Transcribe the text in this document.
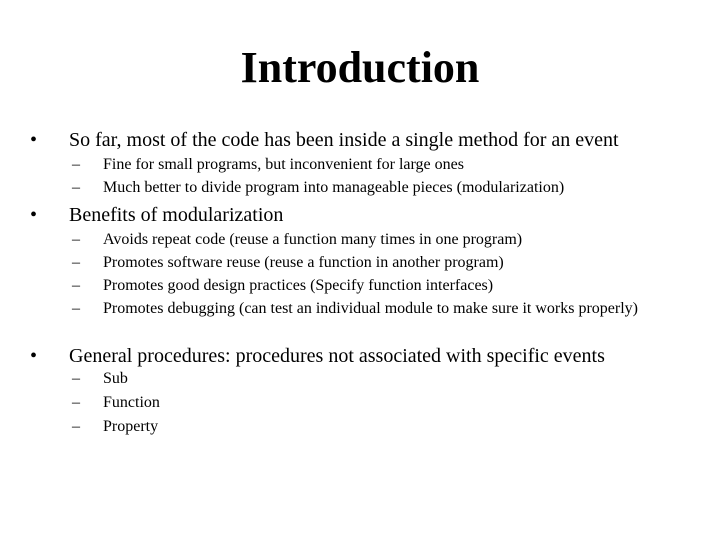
Introduction
• So far, most of the code has been inside a single method for an event
– Fine for small programs, but inconvenient for large ones
– Much better to divide program into manageable pieces (modularization)
• Benefits of modularization
– Avoids repeat code (reuse a function many times in one program)
– Promotes software reuse (reuse a function in another program)
– Promotes good design practices (Specify function interfaces)
– Promotes debugging (can test an individual module to make sure it works properly)
• General procedures: procedures not associated with specific events
– Sub
– Function
– Property
